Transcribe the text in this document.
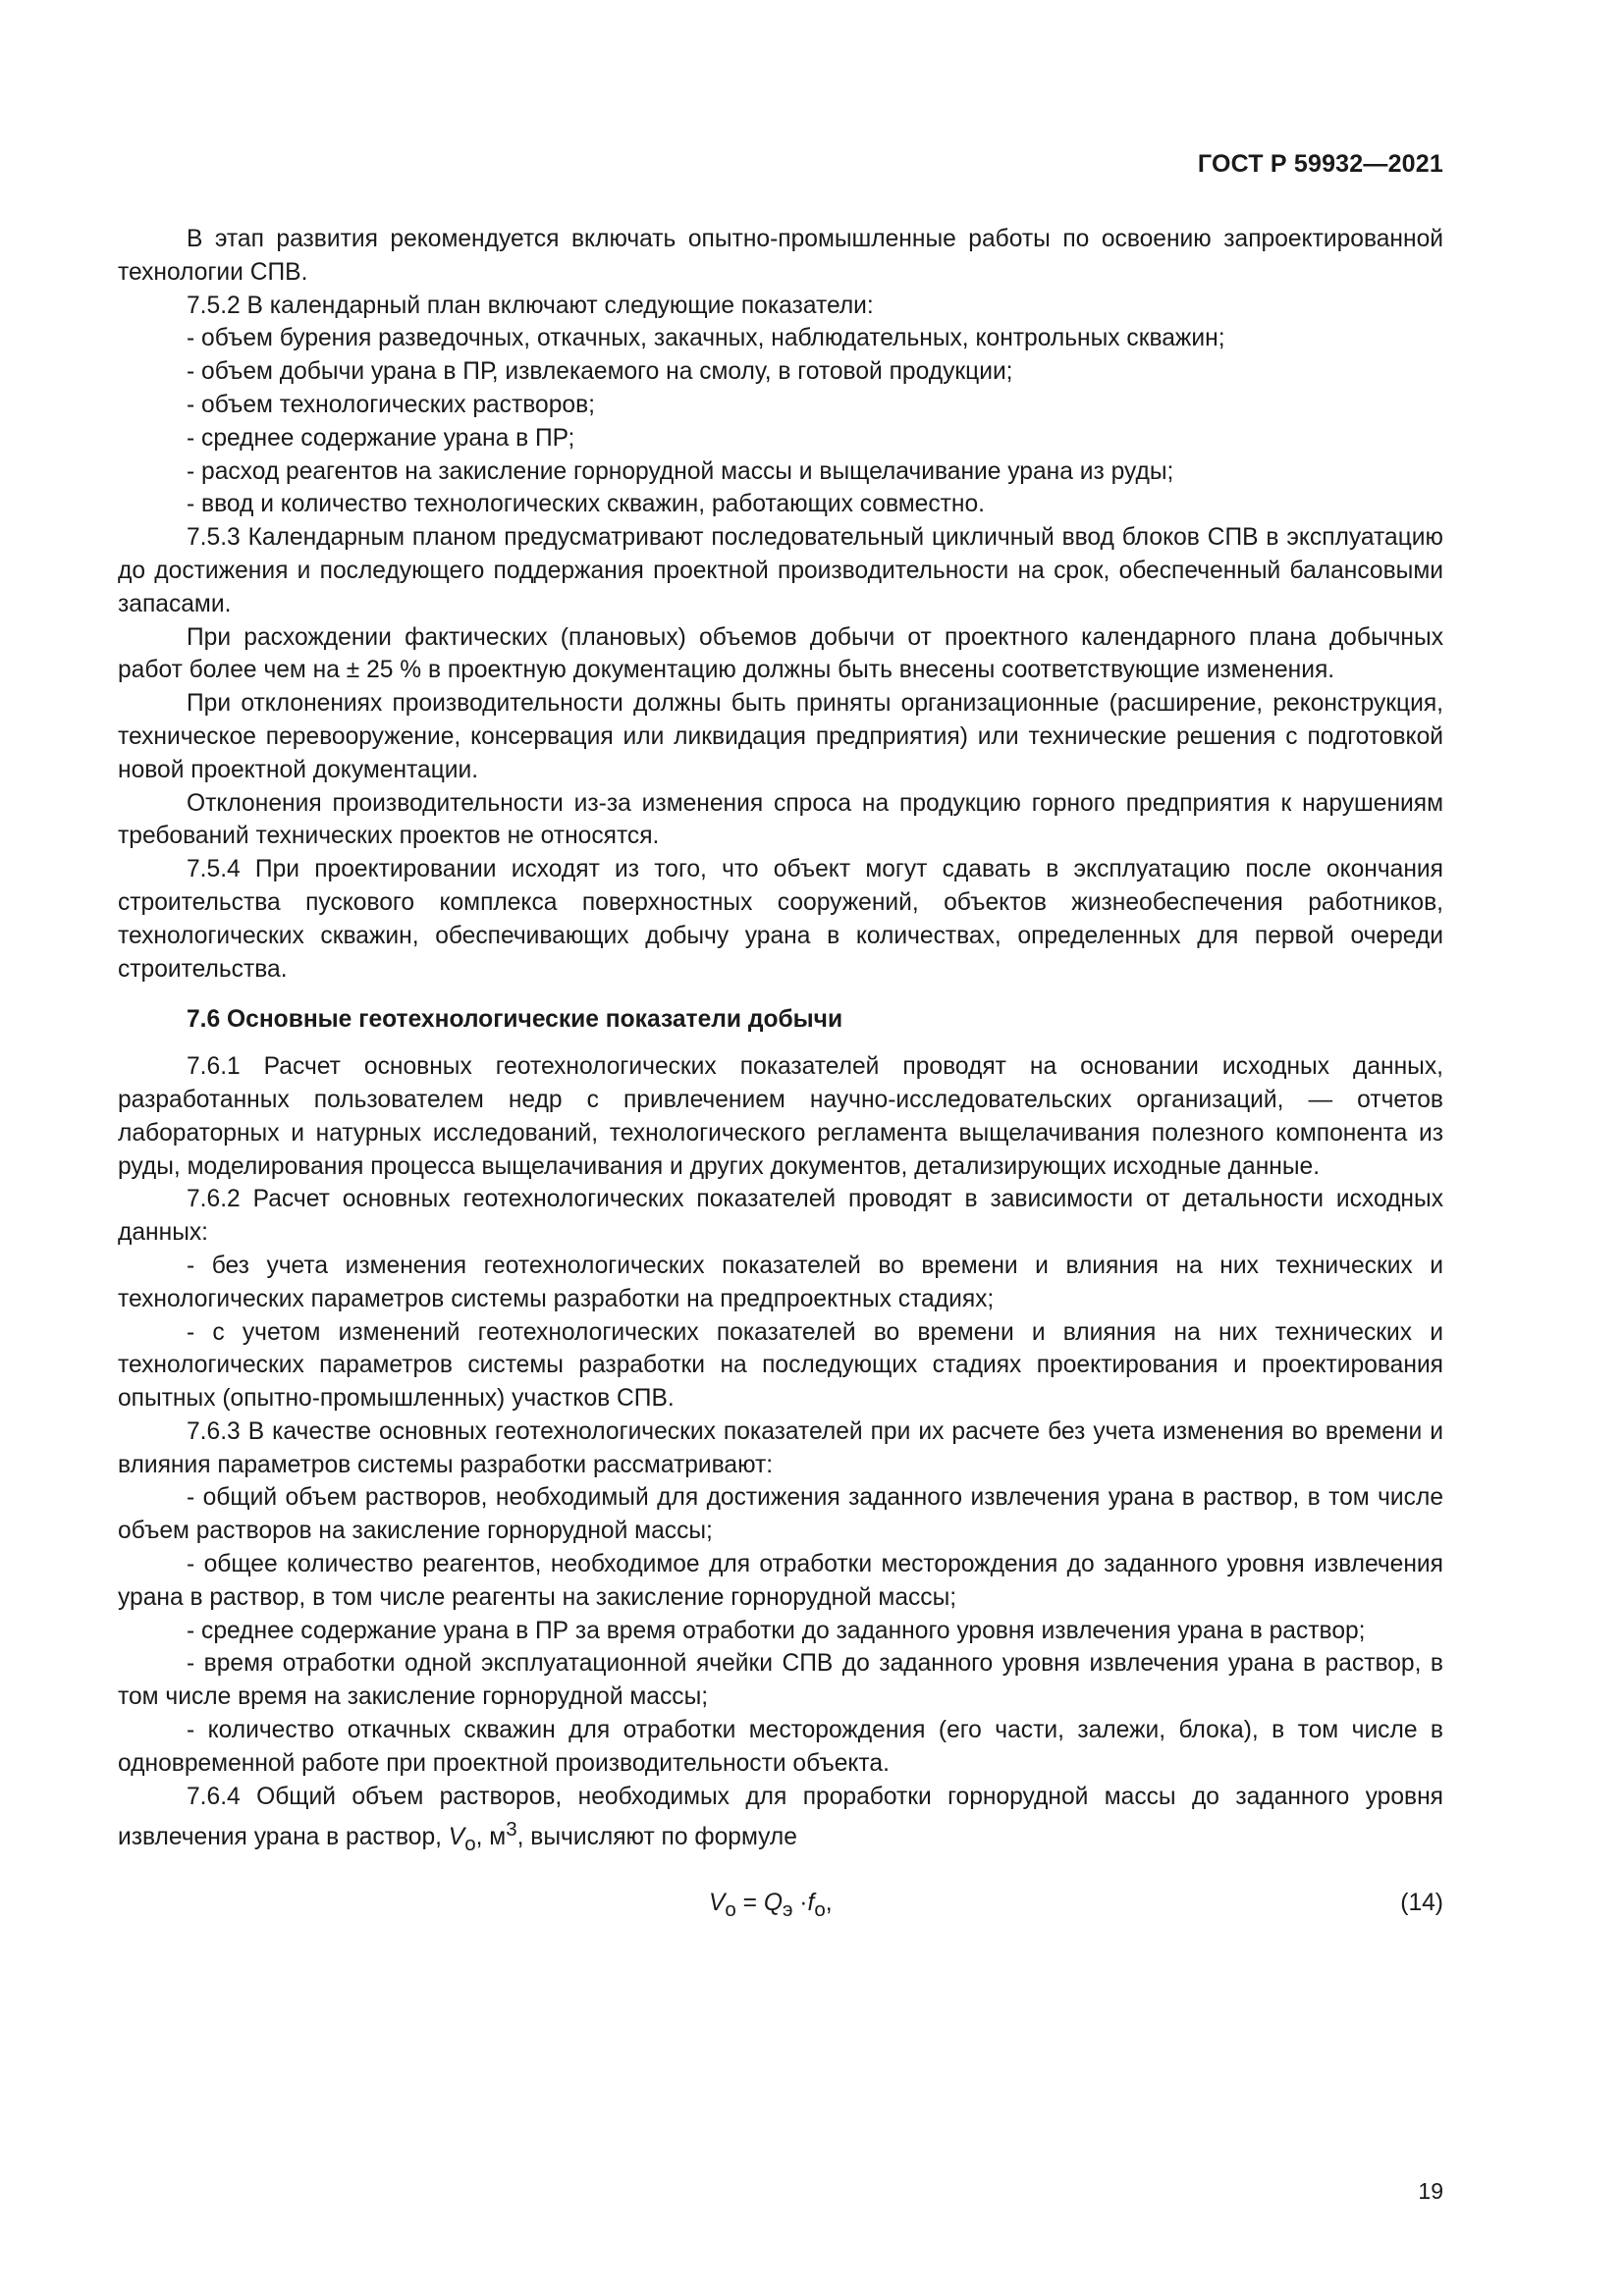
ГОСТ Р 59932—2021

В этап развития рекомендуется включать опытно-промышленные работы по освоению запроектированной технологии СПВ.

7.5.2 В календарный план включают следующие показатели:

- объем бурения разведочных, откачных, закачных, наблюдательных, контрольных скважин;

- объем добычи урана в ПР, извлекаемого на смолу, в готовой продукции;

- объем технологических растворов;

- среднее содержание урана в ПР;

- расход реагентов на закисление горнорудной массы и выщелачивание урана из руды;

- ввод и количество технологических скважин, работающих совместно.

7.5.3 Календарным планом предусматривают последовательный цикличный ввод блоков СПВ в эксплуатацию до достижения и последующего поддержания проектной производительности на срок, обеспеченный балансовыми запасами.

При расхождении фактических (плановых) объемов добычи от проектного календарного плана добычных работ более чем на ± 25 % в проектную документацию должны быть внесены соответствующие изменения.

При отклонениях производительности должны быть приняты организационные (расширение, реконструкция, техническое перевооружение, консервация или ликвидация предприятия) или технические решения с подготовкой новой проектной документации.

Отклонения производительности из-за изменения спроса на продукцию горного предприятия к нарушениям требований технических проектов не относятся.

7.5.4 При проектировании исходят из того, что объект могут сдавать в эксплуатацию после окончания строительства пускового комплекса поверхностных сооружений, объектов жизнеобеспечения работников, технологических скважин, обеспечивающих добычу урана в количествах, определенных для первой очереди строительства.

7.6 Основные геотехнологические показатели добычи

7.6.1 Расчет основных геотехнологических показателей проводят на основании исходных данных, разработанных пользователем недр с привлечением научно-исследовательских организаций, — отчетов лабораторных и натурных исследований, технологического регламента выщелачивания полезного компонента из руды, моделирования процесса выщелачивания и других документов, детализирующих исходные данные.

7.6.2 Расчет основных геотехнологических показателей проводят в зависимости от детальности исходных данных:

- без учета изменения геотехнологических показателей во времени и влияния на них технических и технологических параметров системы разработки на предпроектных стадиях;

- с учетом изменений геотехнологических показателей во времени и влияния на них технических и технологических параметров системы разработки на последующих стадиях проектирования и проектирования опытных (опытно-промышленных) участков СПВ.

7.6.3 В качестве основных геотехнологических показателей при их расчете без учета изменения во времени и влияния параметров системы разработки рассматривают:

- общий объем растворов, необходимый для достижения заданного извлечения урана в раствор, в том числе объем растворов на закисление горнорудной массы;

- общее количество реагентов, необходимое для отработки месторождения до заданного уровня извлечения урана в раствор, в том числе реагенты на закисление горнорудной массы;

- среднее содержание урана в ПР за время отработки до заданного уровня извлечения урана в раствор;

- время отработки одной эксплуатационной ячейки СПВ до заданного уровня извлечения урана в раствор, в том числе время на закисление горнорудной массы;

- количество откачных скважин для отработки месторождения (его части, залежи, блока), в том числе в одновременной работе при проектной производительности объекта.

7.6.4 Общий объем растворов, необходимых для проработки горнорудной массы до заданного уровня извлечения урана в раствор, $V_о$, $м^3$, вычисляют по формуле

$V_о = Q_э \cdot f_о$,	(14)
19
